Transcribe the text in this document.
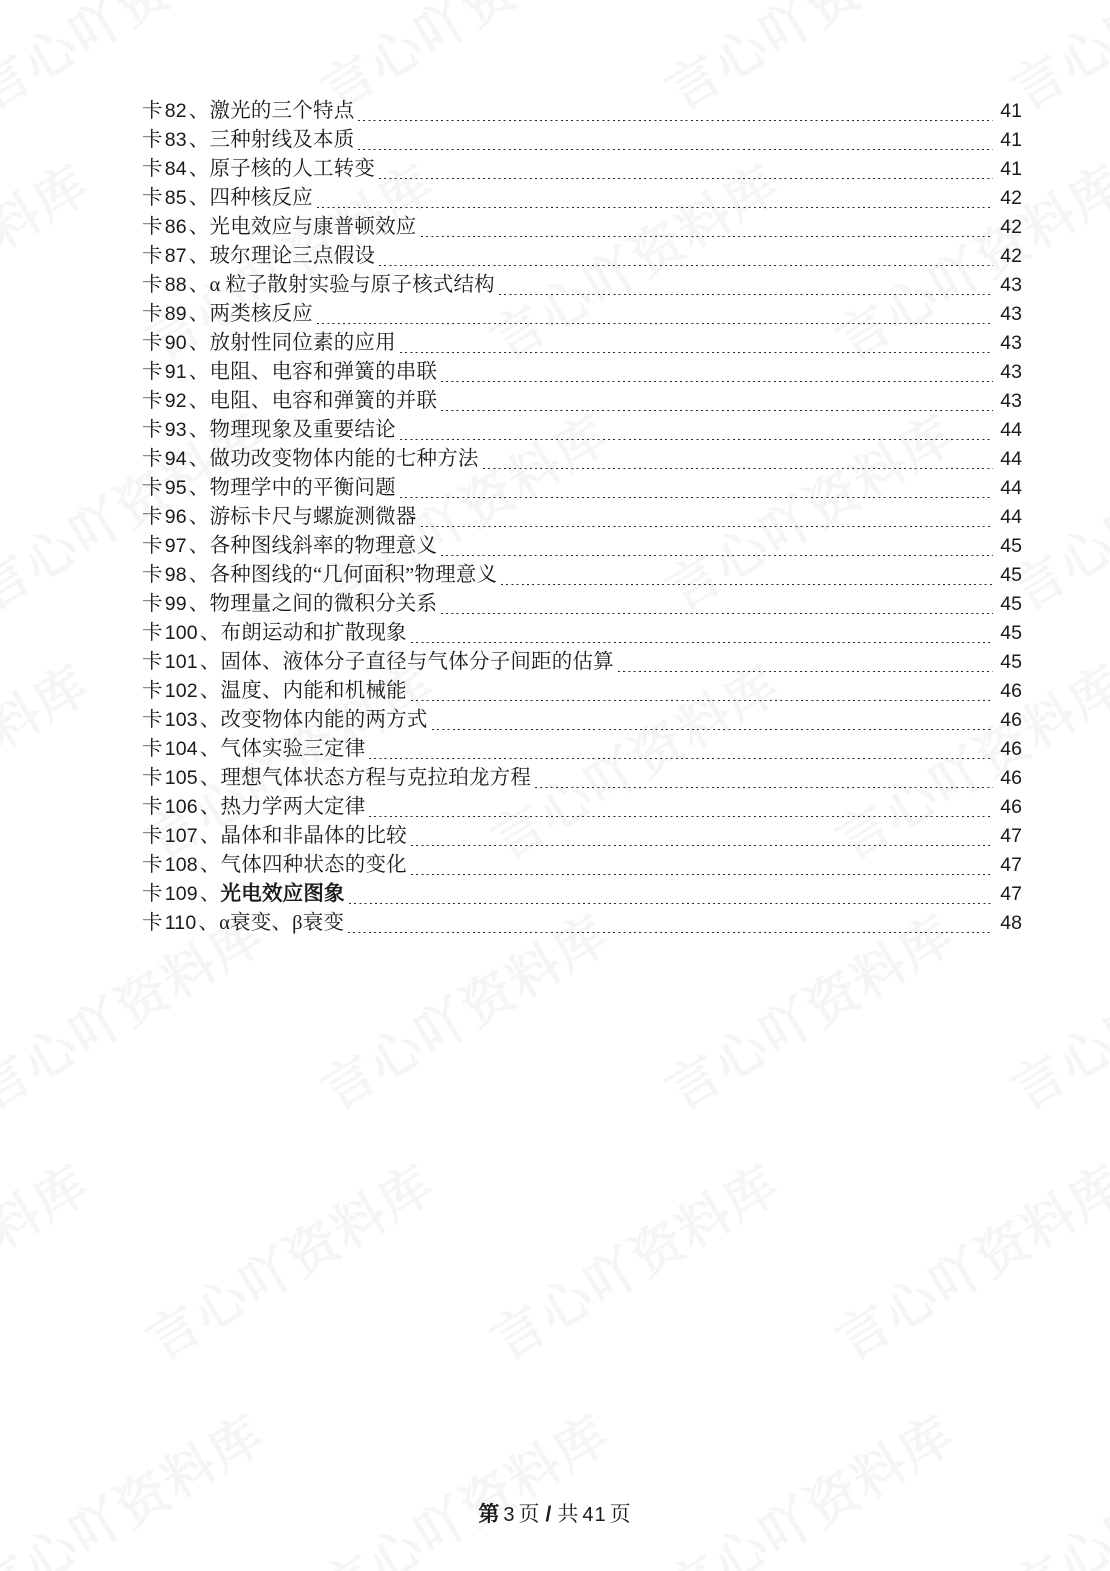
卡 82、激光的三个特点	41
卡 83、三种射线及本质	41
卡 84、原子核的人工转变	41
卡 85、四种核反应	42
卡 86、光电效应与康普顿效应	42
卡 87、玻尔理论三点假设	42
卡 88、α 粒子散射实验与原子核式结构	43
卡 89、两类核反应	43
卡 90、放射性同位素的应用	43
卡 91、电阻、电容和弹簧的串联	43
卡 92、电阻、电容和弹簧的并联	43
卡 93、物理现象及重要结论	44
卡 94、做功改变物体内能的七种方法	44
卡 95、物理学中的平衡问题	44
卡 96、游标卡尺与螺旋测微器	44
卡 97、各种图线斜率的物理意义	45
卡 98、各种图线的“几何面积”物理意义	45
卡 99、物理量之间的微积分关系	45
卡 100、布朗运动和扩散现象	45
卡 101、固体、液体分子直径与气体分子间距的估算	45
卡 102、温度、内能和机械能	46
卡 103、改变物体内能的两方式	46
卡 104、气体实验三定律	46
卡 105、理想气体状态方程与克拉珀龙方程	46
卡 106、热力学两大定律	46
卡 107、晶体和非晶体的比较	47
卡 108、气体四种状态的变化	47
卡 109、光电效应图象	47
卡 110、α衰变、β衰变	48
第 3 页 / 共 41 页
